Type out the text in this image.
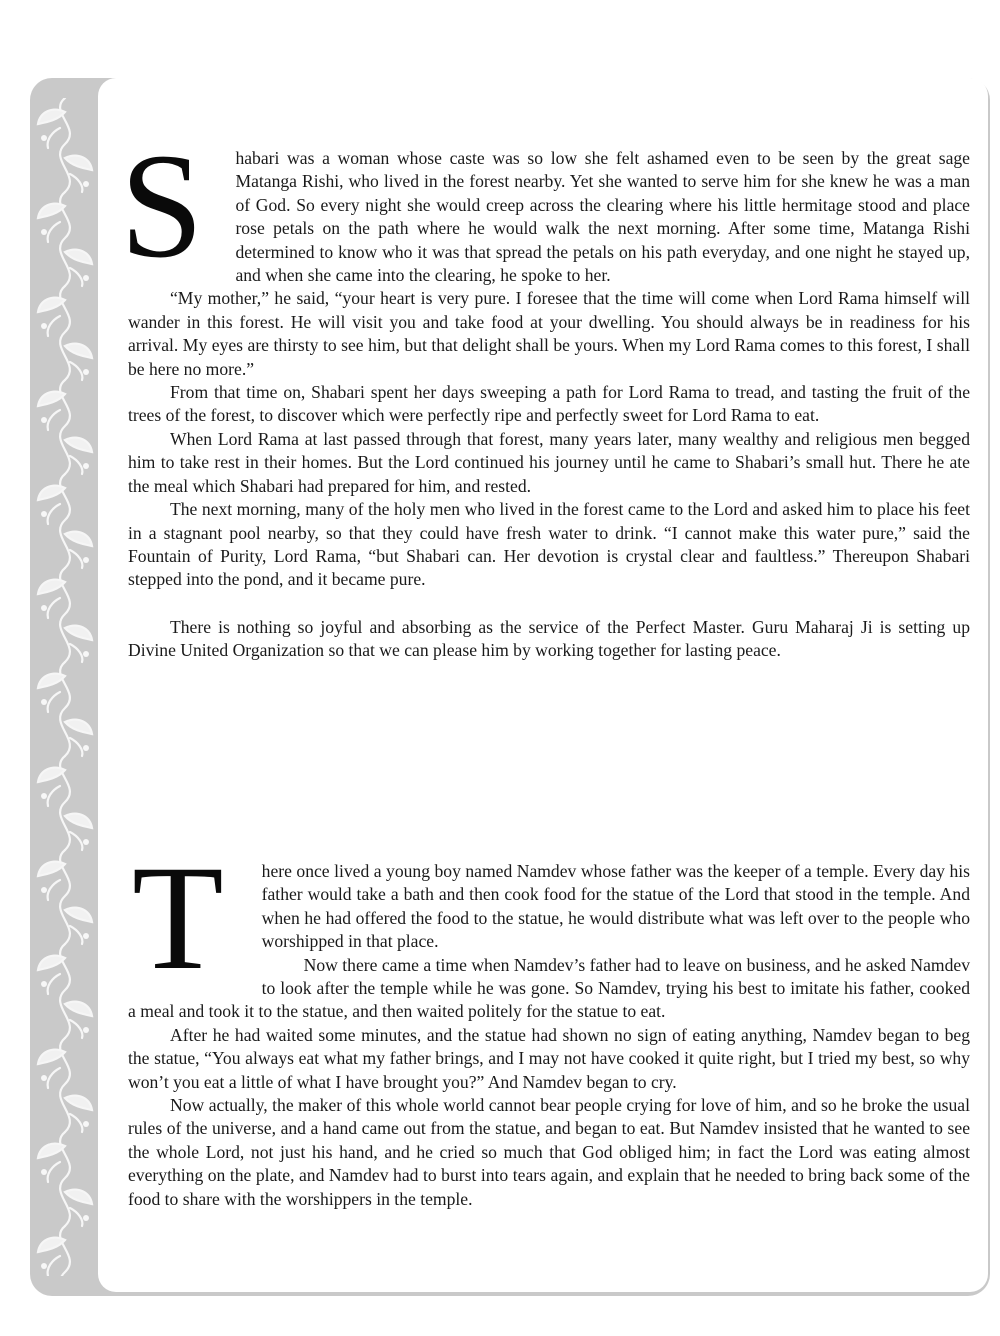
S habari was a woman whose caste was so low she felt ashamed even to be seen by the great sage Matanga Rishi, who lived in the forest nearby. Yet she wanted to serve him for she knew he was a man of God. So every night she would creep across the clearing where his little hermitage stood and place rose petals on the path where he would walk the next morning. After some time, Matanga Rishi determined to know who it was that spread the petals on his path everyday, and one night he stayed up, and when she came into the clearing, he spoke to her.

“My mother,” he said, “your heart is very pure. I foresee that the time will come when Lord Rama himself will wander in this forest. He will visit you and take food at your dwelling. You should always be in readiness for his arrival. My eyes are thirsty to see him, but that delight shall be yours. When my Lord Rama comes to this forest, I shall be here no more.”

From that time on, Shabari spent her days sweeping a path for Lord Rama to tread, and tasting the fruit of the trees of the forest, to discover which were perfectly ripe and perfectly sweet for Lord Rama to eat.

When Lord Rama at last passed through that forest, many years later, many wealthy and religious men begged him to take rest in their homes. But the Lord continued his journey until he came to Shabari’s small hut. There he ate the meal which Shabari had prepared for him, and rested.

The next morning, many of the holy men who lived in the forest came to the Lord and asked him to place his feet in a stagnant pool nearby, so that they could have fresh water to drink. “I cannot make this water pure,” said the Fountain of Purity, Lord Rama, “but Shabari can. Her devotion is crystal clear and faultless.” Thereupon Shabari stepped into the pond, and it became pure.

There is nothing so joyful and absorbing as the service of the Perfect Master. Guru Maharaj Ji is setting up Divine United Organization so that we can please him by working together for lasting peace.

T here once lived a young boy named Namdev whose father was the keeper of a temple. Every day his father would take a bath and then cook food for the statue of the Lord that stood in the temple. And when he had offered the food to the statue, he would distribute what was left over to the people who worshipped in that place.

Now there came a time when Namdev’s father had to leave on business, and he asked Namdev to look after the temple while he was gone. So Namdev, trying his best to imitate his father, cooked a meal and took it to the statue, and then waited politely for the statue to eat.

After he had waited some minutes, and the statue had shown no sign of eating anything, Namdev began to beg the statue, “You always eat what my father brings, and I may not have cooked it quite right, but I tried my best, so why won’t you eat a little of what I have brought you?” And Namdev began to cry.

Now actually, the maker of this whole world cannot bear people crying for love of him, and so he broke the usual rules of the universe, and a hand came out from the statue, and began to eat. But Namdev insisted that he wanted to see the whole Lord, not just his hand, and he cried so much that God obliged him; in fact the Lord was eating almost everything on the plate, and Namdev had to burst into tears again, and explain that he needed to bring back some of the food to share with the worshippers in the temple.
